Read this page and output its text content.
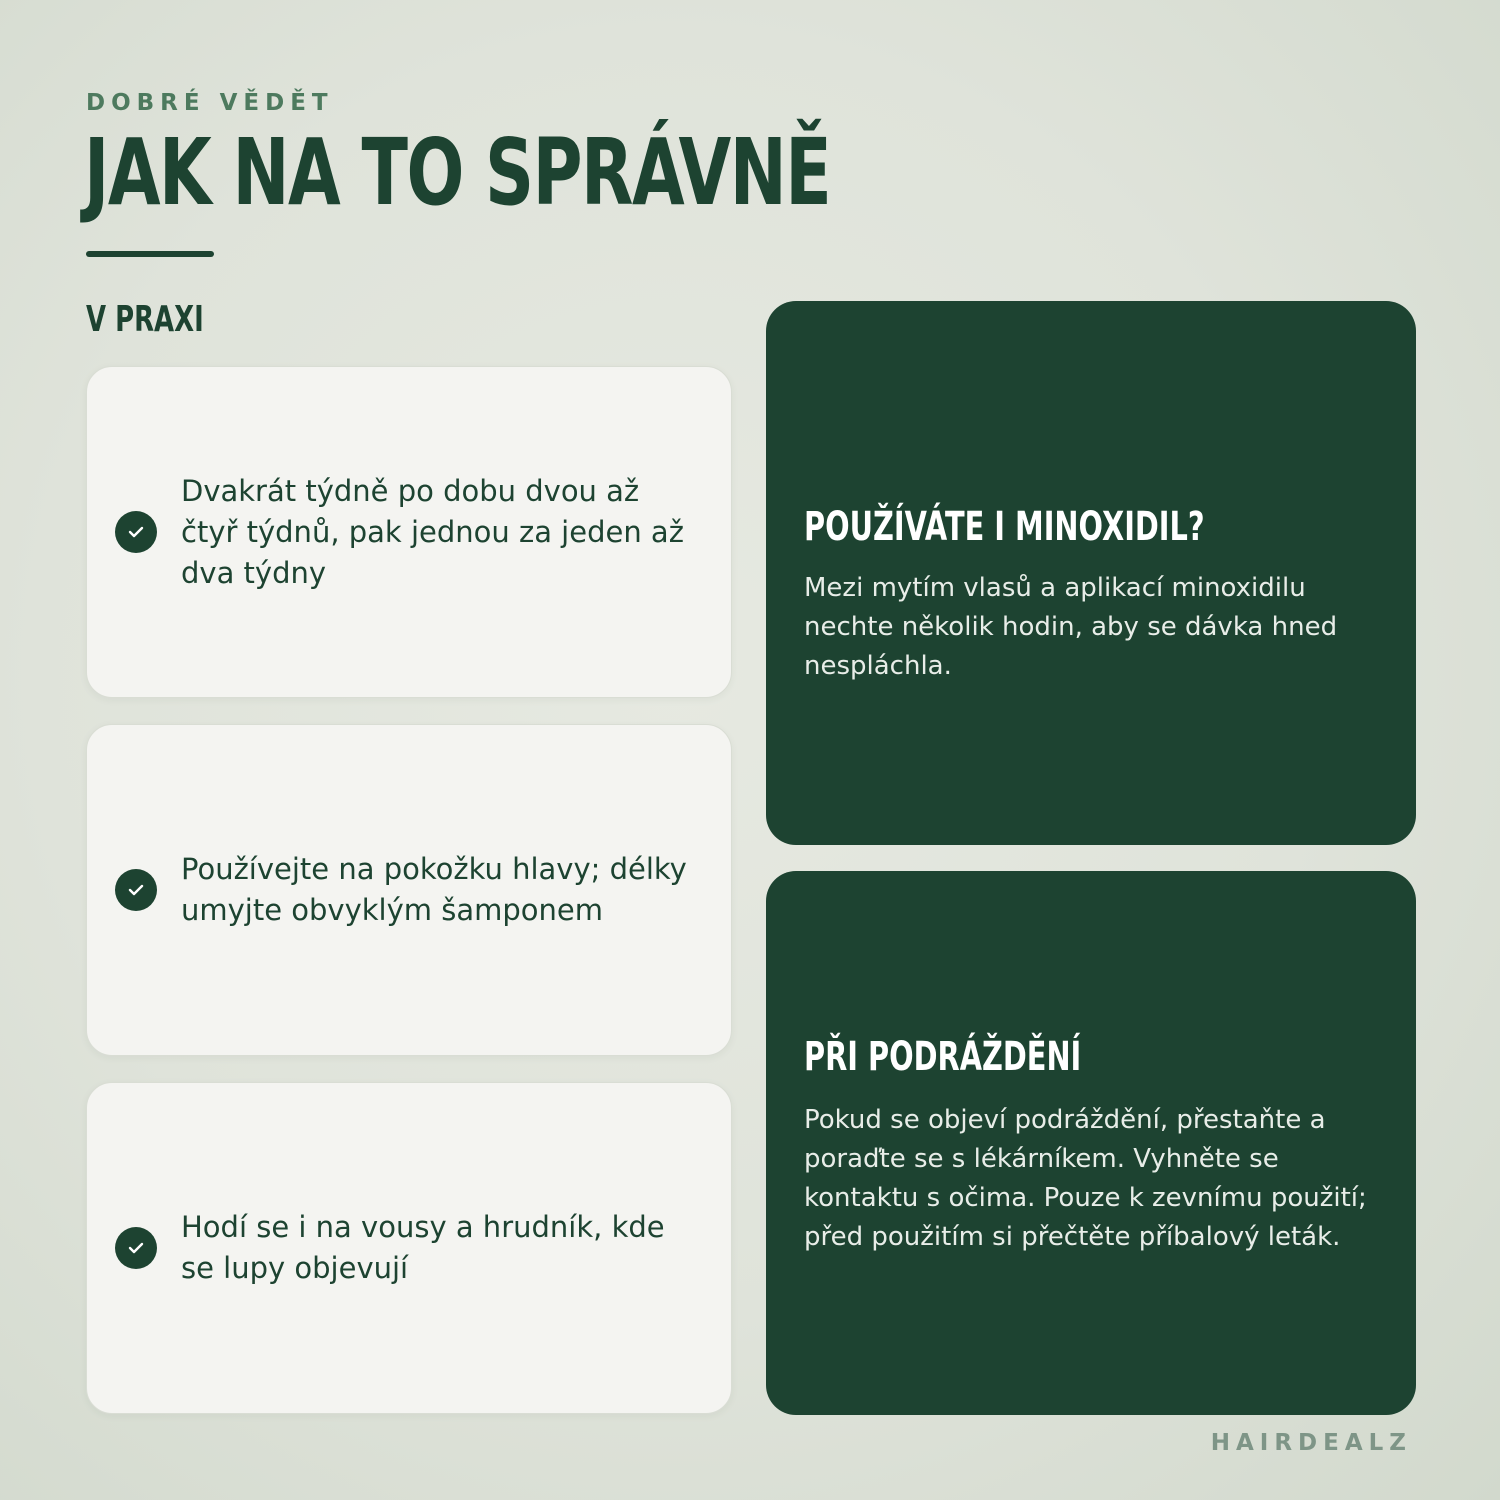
DOBRÉ VĚDĚT
JAK NA TO SPRÁVNĚ
V PRAXI
Dvakrát týdně po dobu dvou až čtyř týdnů, pak jednou za jeden až dva týdny
Používejte na pokožku hlavy; délky umyjte obvyklým šamponem
Hodí se i na vousy a hrudník, kde se lupy objevují
POUŽÍVÁTE I MINOXIDIL?
Mezi mytím vlasů a aplikací minoxidilu nechte několik hodin, aby se dávka hned nespláchla.
PŘI PODRÁŽDĚNÍ
Pokud se objeví podráždění, přestaňte a poraďte se s lékárníkem. Vyhněte se kontaktu s očima. Pouze k zevnímu použití; před použitím si přečtěte příbalový leták.
HAIRDEALZ
